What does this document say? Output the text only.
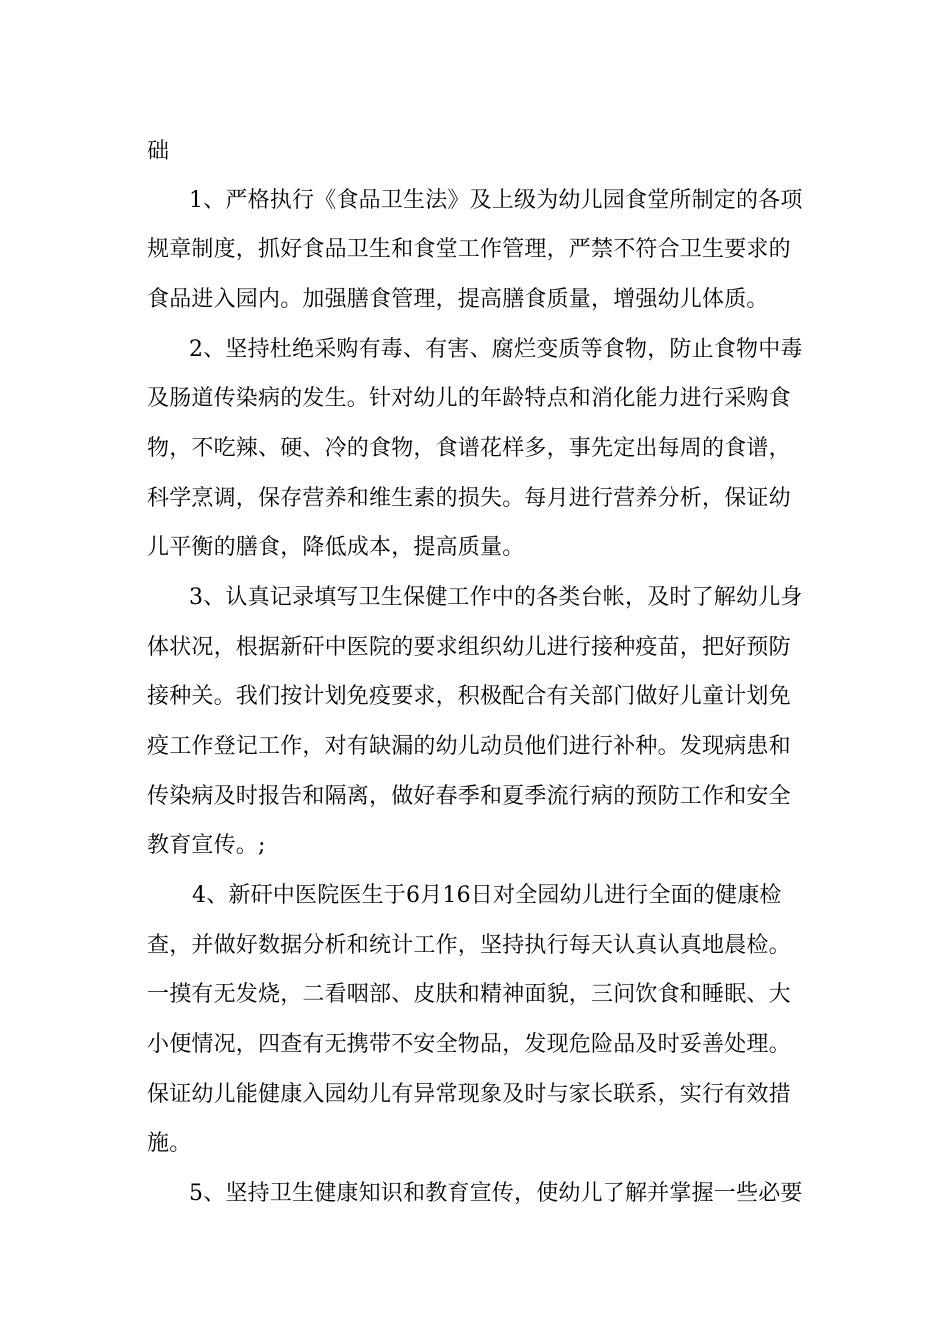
础

1、严格执行《食品卫生法》及上级为幼儿园食堂所制定的各项

规章制度，抓好食品卫生和食堂工作管理，严禁不符合卫生要求的

食品进入园内。加强膳食管理，提高膳食质量，增强幼儿体质。

2、坚持杜绝采购有毒、有害、腐烂变质等食物，防止食物中毒

及肠道传染病的发生。针对幼儿的年龄特点和消化能力进行采购食

物，不吃辣、硬、冷的食物，食谱花样多，事先定出每周的食谱，

科学烹调，保存营养和维生素的损失。每月进行营养分析，保证幼

儿平衡的膳食，降低成本，提高质量。

3、认真记录填写卫生保健工作中的各类台帐，及时了解幼儿身

体状况，根据新矸中医院的要求组织幼儿进行接种疫苗，把好预防

接种关。我们按计划免疫要求，积极配合有关部门做好儿童计划免

疫工作登记工作，对有缺漏的幼儿动员他们进行补种。发现病患和

传染病及时报告和隔离，做好春季和夏季流行病的预防工作和安全

教育宣传。;

4、新矸中医院医生于6月16日对全园幼儿进行全面的健康检

查，并做好数据分析和统计工作，坚持执行每天认真认真地晨检。

一摸有无发烧，二看咽部、皮肤和精神面貌，三问饮食和睡眠、大

小便情况，四查有无携带不安全物品，发现危险品及时妥善处理。

保证幼儿能健康入园幼儿有异常现象及时与家长联系，实行有效措

施。

5、坚持卫生健康知识和教育宣传，使幼儿了解并掌握一些必要
